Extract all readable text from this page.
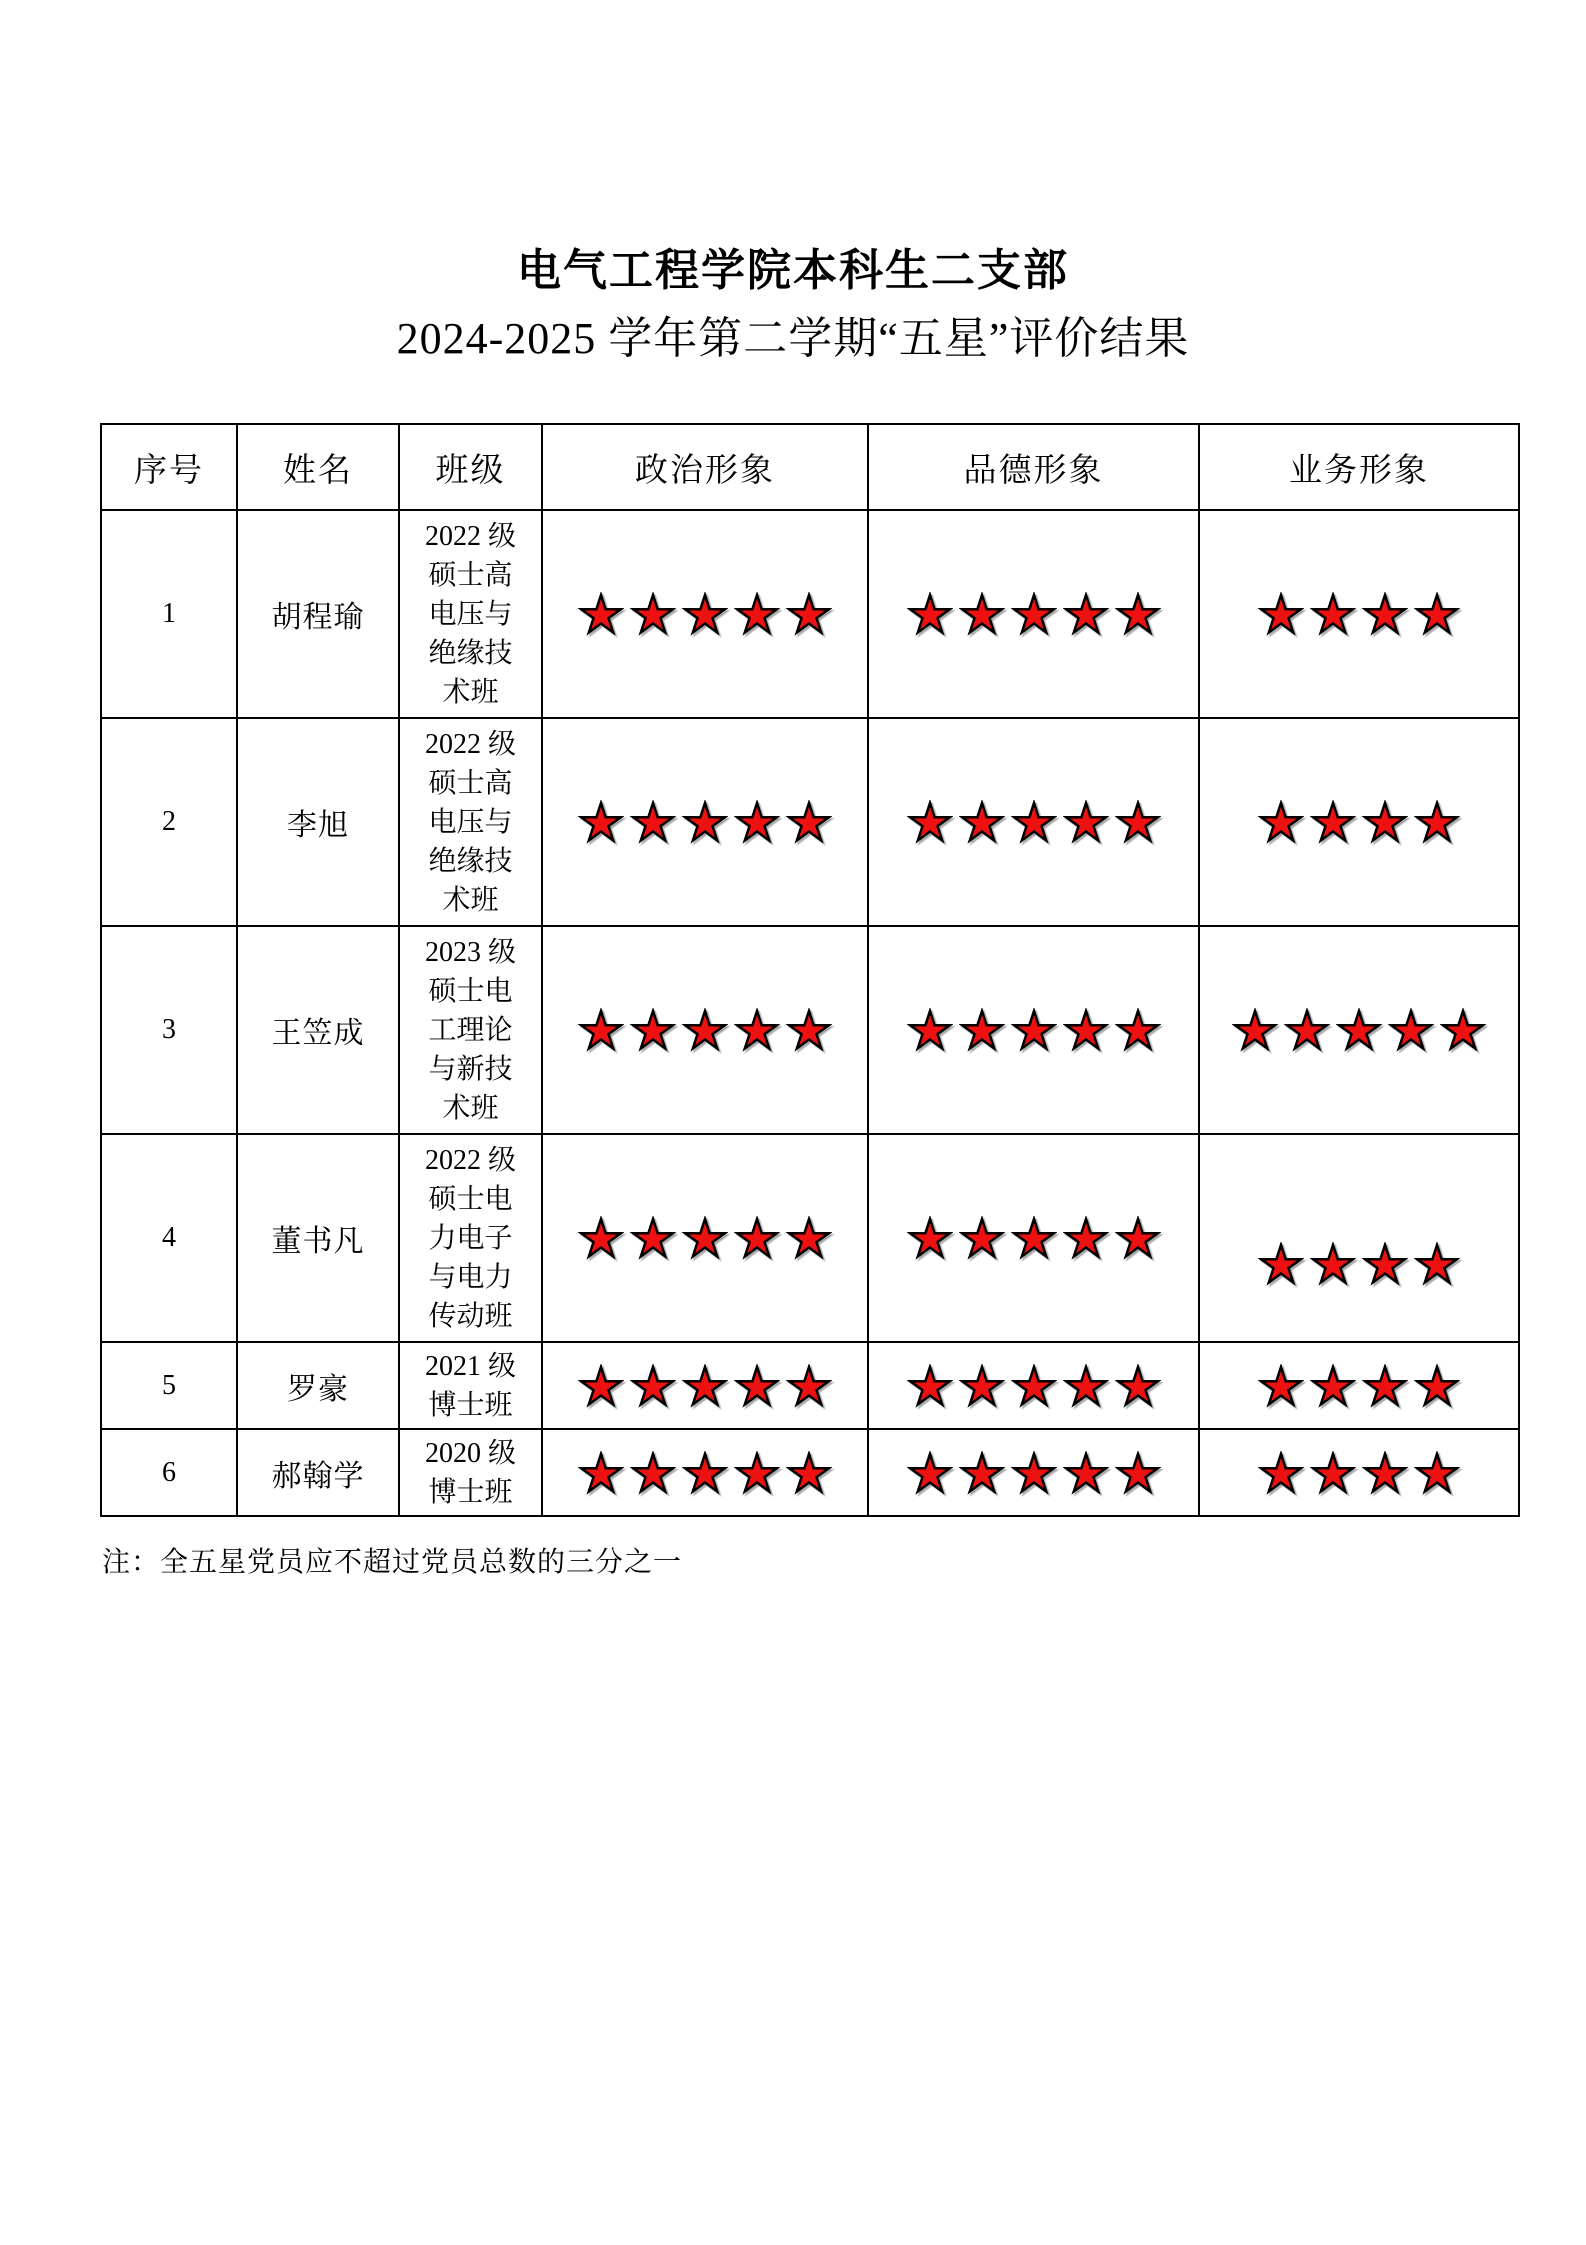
电气工程学院本科生二支部
2024-2025 学年第二学期“五星”评价结果
序号	姓名	班级	政治形象	品德形象	业务形象
1	胡程瑜	2022 级
硕士高
电压与
绝缘技
术班

2	李旭	2022 级
硕士高
电压与
绝缘技
术班

3	王笠成	2023 级
硕士电
工理论
与新技
术班

4	董书凡	2022 级
硕士电
力电子
与电力
传动班

5	罗豪	2021 级
博士班

6	郝翰学	2020 级
博士班

注：全五星党员应不超过党员总数的三分之一
